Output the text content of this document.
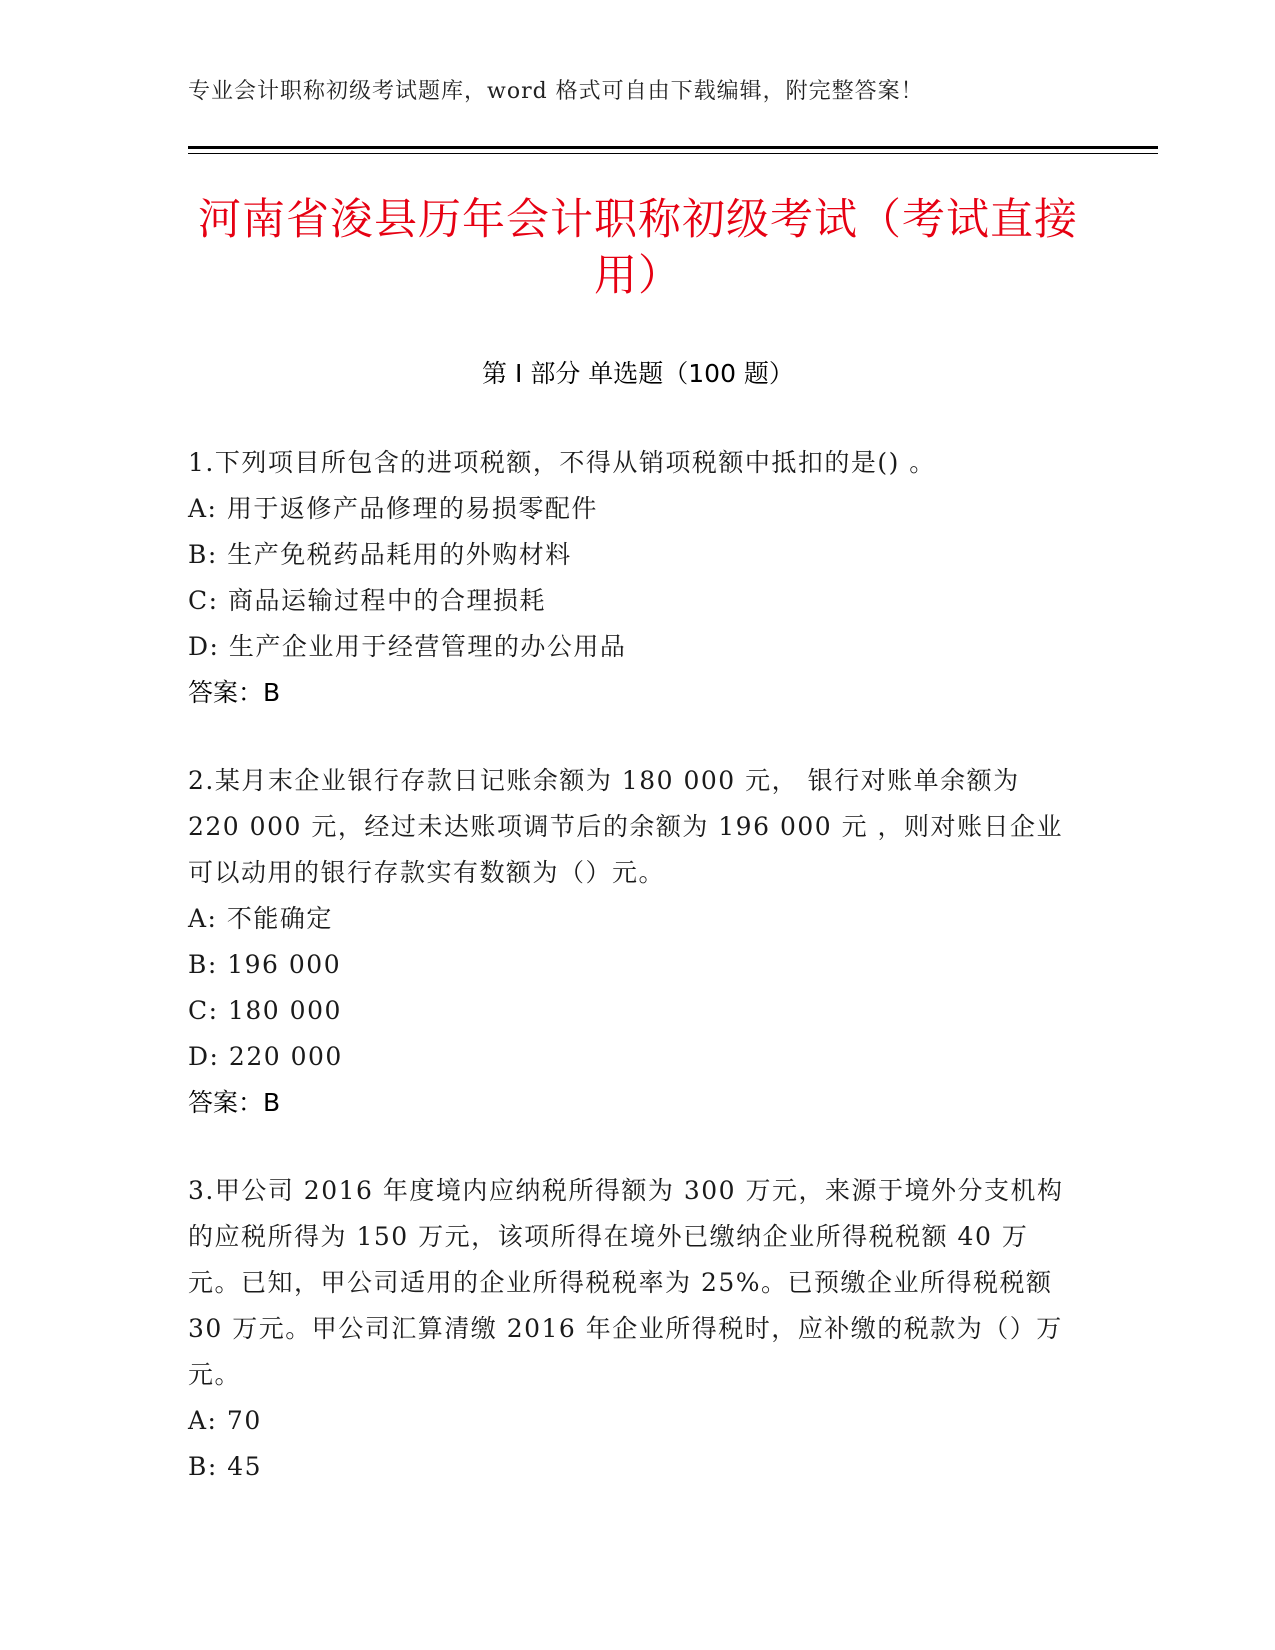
专业会计职称初级考试题库，word 格式可自由下载编辑，附完整答案！
河南省浚县历年会计职称初级考试（考试直接用）
第 I 部分 单选题（100 题）

1.下列项目所包含的进项税额，不得从销项税额中抵扣的是() 。

A: 用于返修产品修理的易损零配件

B: 生产免税药品耗用的外购材料

C: 商品运输过程中的合理损耗

D: 生产企业用于经营管理的办公用品

答案：B

2.某月末企业银行存款日记账余额为 180 000 元， 银行对账单余额为 220 000 元，经过未达账项调节后的余额为 196 000 元 ，则对账日企业可以动用的银行存款实有数额为（）元。

A: 不能确定

B: 196 000

C: 180 000

D: 220 000

答案：B

3.甲公司 2016 年度境内应纳税所得额为 300 万元，来源于境外分支机构的应税所得为 150 万元，该项所得在境外已缴纳企业所得税税额 40 万元。已知，甲公司适用的企业所得税税率为 25%。已预缴企业所得税税额 30 万元。甲公司汇算清缴 2016 年企业所得税时，应补缴的税款为（）万元。

A: 70

B: 45
